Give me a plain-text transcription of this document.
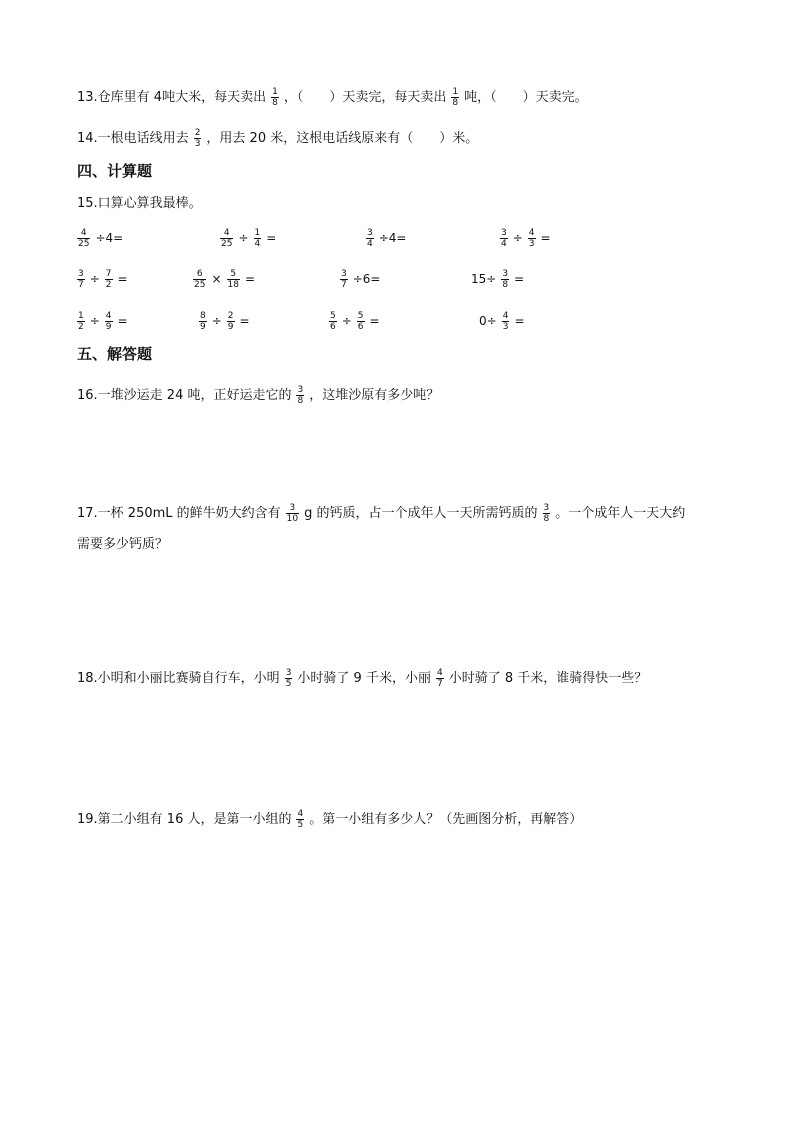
13.仓库里有 4吨大米，每天卖出 $\frac{1}{8}$ ，（　　）天卖完，每天卖出 $\frac{1}{8}$ 吨，（　　）天卖完。
14.一根电话线用去 $\frac{2}{3}$ ，用去 20 米，这根电话线原来有（　　）米。
四、计算题
15.口算心算我最棒。
$\frac{4}{25} \div 4=$	$\frac{4}{25} \div \frac{1}{4}$ =	$\frac{3}{4} \div 4=$	$\frac{3}{4} \div \frac{4}{3}$ =
$\frac{3}{7} \div \frac{7}{2}$ =	$\frac{6}{25} \times \frac{5}{18}$ =	$\frac{3}{7} \div 6=$	$15\div \frac{3}{8}$ =
$\frac{1}{2} \div \frac{4}{9}$ =	$\frac{8}{9} \div \frac{2}{9}$ =	$\frac{5}{6} \div \frac{5}{6}$ =	$0\div \frac{4}{3}$ =
五、解答题
16.一堆沙运走 24 吨，正好运走它的 $\frac{3}{8}$ ，这堆沙原有多少吨？
17.一杯 250mL 的鲜牛奶大约含有 $\frac{3}{10}$ g 的钙质，占一个成年人一天所需钙质的 $\frac{3}{8}$ 。一个成年人一天大约
需要多少钙质？
18.小明和小丽比赛骑自行车，小明 $\frac{3}{5}$ 小时骑了 9 千米，小丽 $\frac{4}{7}$ 小时骑了 8 千米，谁骑得快一些？
19.第二小组有 16 人，是第一小组的 $\frac{4}{5}$ 。第一小组有多少人？（先画图分析，再解答）
